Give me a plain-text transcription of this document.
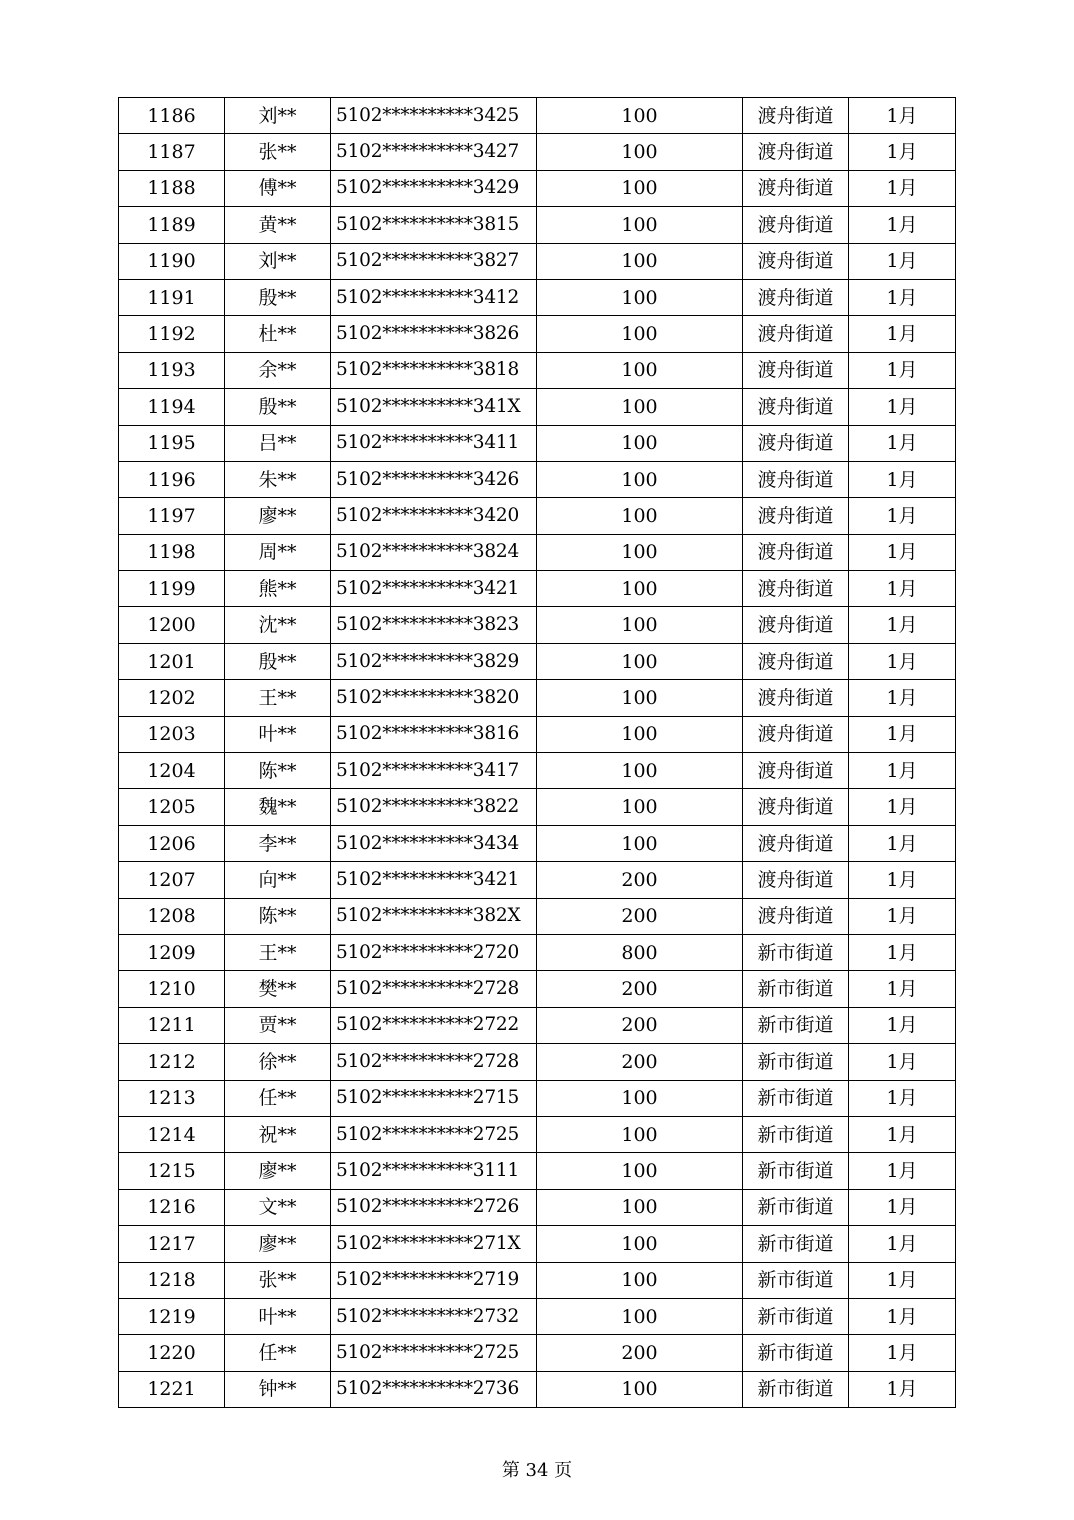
1186	刘**	5102**********3425	100	渡舟街道	1月
1187	张**	5102**********3427	100	渡舟街道	1月
1188	傅**	5102**********3429	100	渡舟街道	1月
1189	黄**	5102**********3815	100	渡舟街道	1月
1190	刘**	5102**********3827	100	渡舟街道	1月
1191	殷**	5102**********3412	100	渡舟街道	1月
1192	杜**	5102**********3826	100	渡舟街道	1月
1193	余**	5102**********3818	100	渡舟街道	1月
1194	殷**	5102**********341X	100	渡舟街道	1月
1195	吕**	5102**********3411	100	渡舟街道	1月
1196	朱**	5102**********3426	100	渡舟街道	1月
1197	廖**	5102**********3420	100	渡舟街道	1月
1198	周**	5102**********3824	100	渡舟街道	1月
1199	熊**	5102**********3421	100	渡舟街道	1月
1200	沈**	5102**********3823	100	渡舟街道	1月
1201	殷**	5102**********3829	100	渡舟街道	1月
1202	王**	5102**********3820	100	渡舟街道	1月
1203	叶**	5102**********3816	100	渡舟街道	1月
1204	陈**	5102**********3417	100	渡舟街道	1月
1205	魏**	5102**********3822	100	渡舟街道	1月
1206	李**	5102**********3434	100	渡舟街道	1月
1207	向**	5102**********3421	200	渡舟街道	1月
1208	陈**	5102**********382X	200	渡舟街道	1月
1209	王**	5102**********2720	800	新市街道	1月
1210	樊**	5102**********2728	200	新市街道	1月
1211	贾**	5102**********2722	200	新市街道	1月
1212	徐**	5102**********2728	200	新市街道	1月
1213	任**	5102**********2715	100	新市街道	1月
1214	祝**	5102**********2725	100	新市街道	1月
1215	廖**	5102**********3111	100	新市街道	1月
1216	文**	5102**********2726	100	新市街道	1月
1217	廖**	5102**********271X	100	新市街道	1月
1218	张**	5102**********2719	100	新市街道	1月
1219	叶**	5102**********2732	100	新市街道	1月
1220	任**	5102**********2725	200	新市街道	1月
1221	钟**	5102**********2736	100	新市街道	1月
第 34 页
